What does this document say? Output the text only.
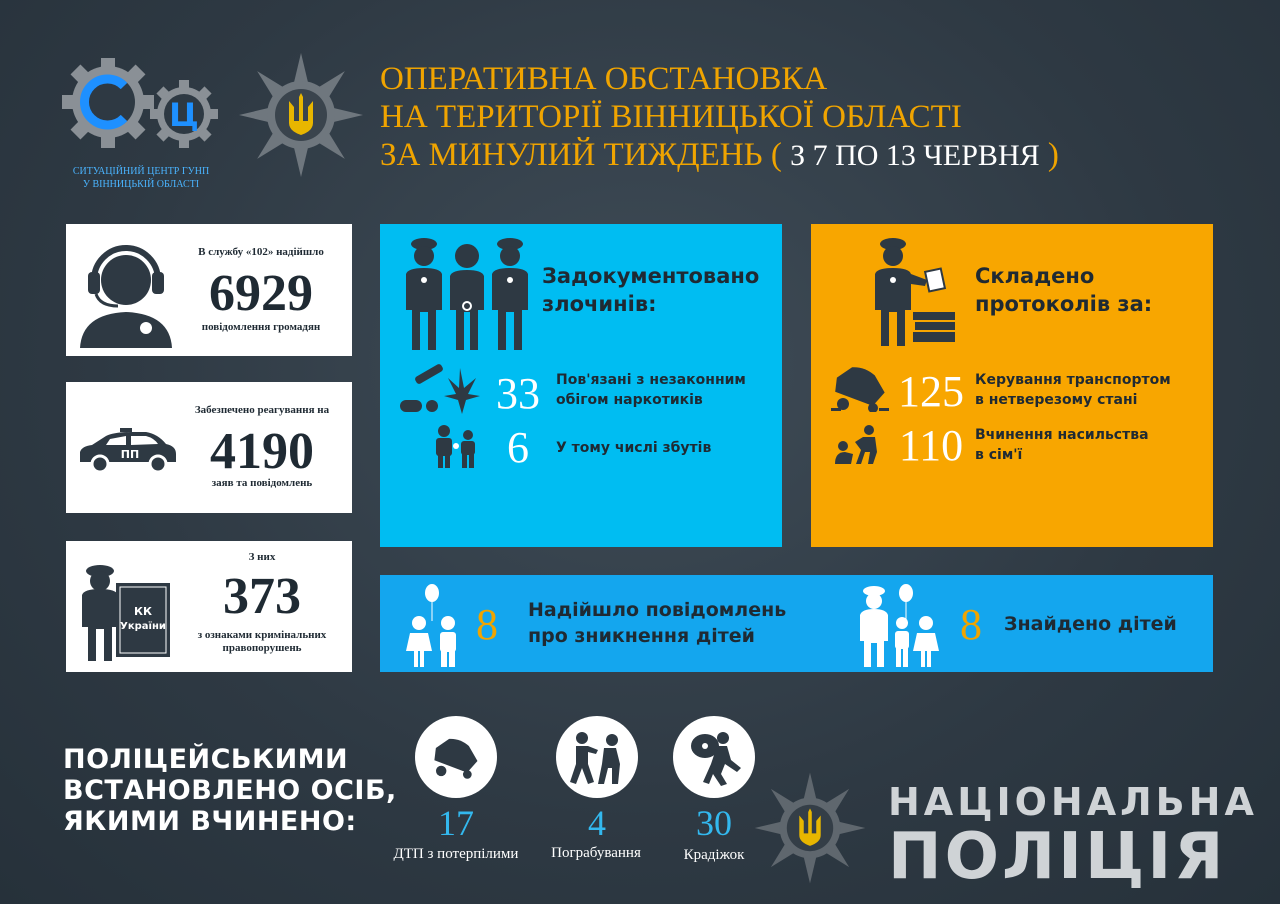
Ц
СИТУАЦІЙНИЙ ЦЕНТР ГУНП
У ВІННИЦЬКІЙ ОБЛАСТІ
ОПЕРАТИВНА ОБСТАНОВКА
НА ТЕРИТОРІЇ ВІННИЦЬКОЇ ОБЛАСТІ
ЗА МИНУЛИЙ ТИЖДЕНЬ ( З 7 ПО 13 ЧЕРВНЯ )
В службу «102» надійшло
6929
повідомлення громадян
ПП
Забезпечено реагування на
4190
заяв та повідомлень
КК
України
З них
373
з ознаками кримінальних
правопорушень
Задокументовано
злочинів:
33	Пов'язані з незаконним
обігом наркотиків
6	У тому числі збутів
Складено
протоколів за:
125 Керування транспортом
в нетверезому стані
110 Вчинення насильства
в сім'ї
8 Надійшло повідомлень
про зникнення дітей	8 Знайдено дітей
ПОЛІЦЕЙСЬКИМИ
ВСТАНОВЛЕНО ОСІБ,
ЯКИМИ ВЧИНЕНО:	17	4	30
ДТП з потерпілими	Пограбування	Крадіжок
НАЦІОНАЛЬНА
ПОЛІЦІЯ
С
